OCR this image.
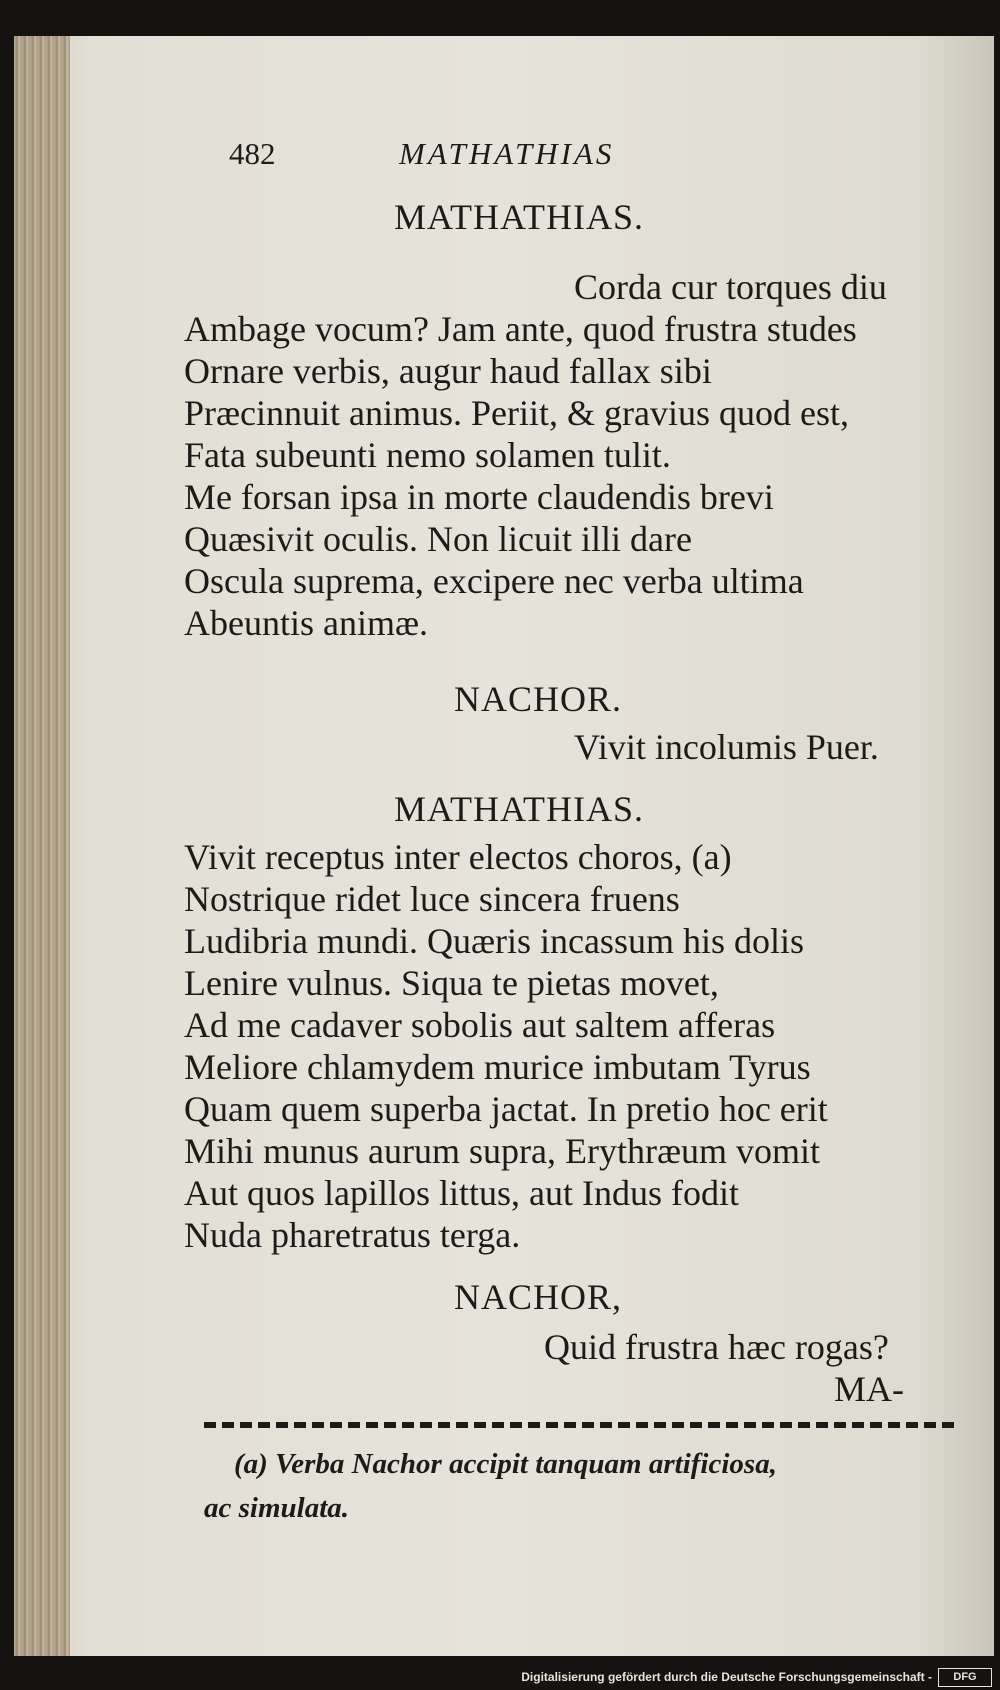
482	MATHATHIAS
MATHATHIAS.
Corda cur torques diu
Ambage vocum? Jam ante, quod frustra studes
Ornare verbis, augur haud fallax sibi
Præcinnuit animus. Periit, & gravius quod est,
Fata subeunti nemo solamen tulit.
Me forsan ipsa in morte claudendis brevi
Quæsivit oculis. Non licuit illi dare
Oscula suprema, excipere nec verba ultima
Abeuntis animæ.
NACHOR.
Vivit incolumis Puer.
MATHATHIAS.
Vivit receptus inter electos choros, (a)
Nostrique ridet luce sincera fruens
Ludibria mundi. Quæris incassum his dolis
Lenire vulnus. Siqua te pietas movet,
Ad me cadaver sobolis aut saltem afferas
Meliore chlamydem murice imbutam Tyrus
Quam quem superba jactat. In pretio hoc erit
Mihi munus aurum supra, Erythræum vomit
Aut quos lapillos littus, aut Indus fodit
Nuda pharetratus terga.
NACHOR,
Quid frustra hæc rogas?
MA-
(a) Verba Nachor accipit tanquam artificiosa,
ac simulata.
Digitalisierung gefördert durch die Deutsche Forschungsgemeinschaft -	DFG
